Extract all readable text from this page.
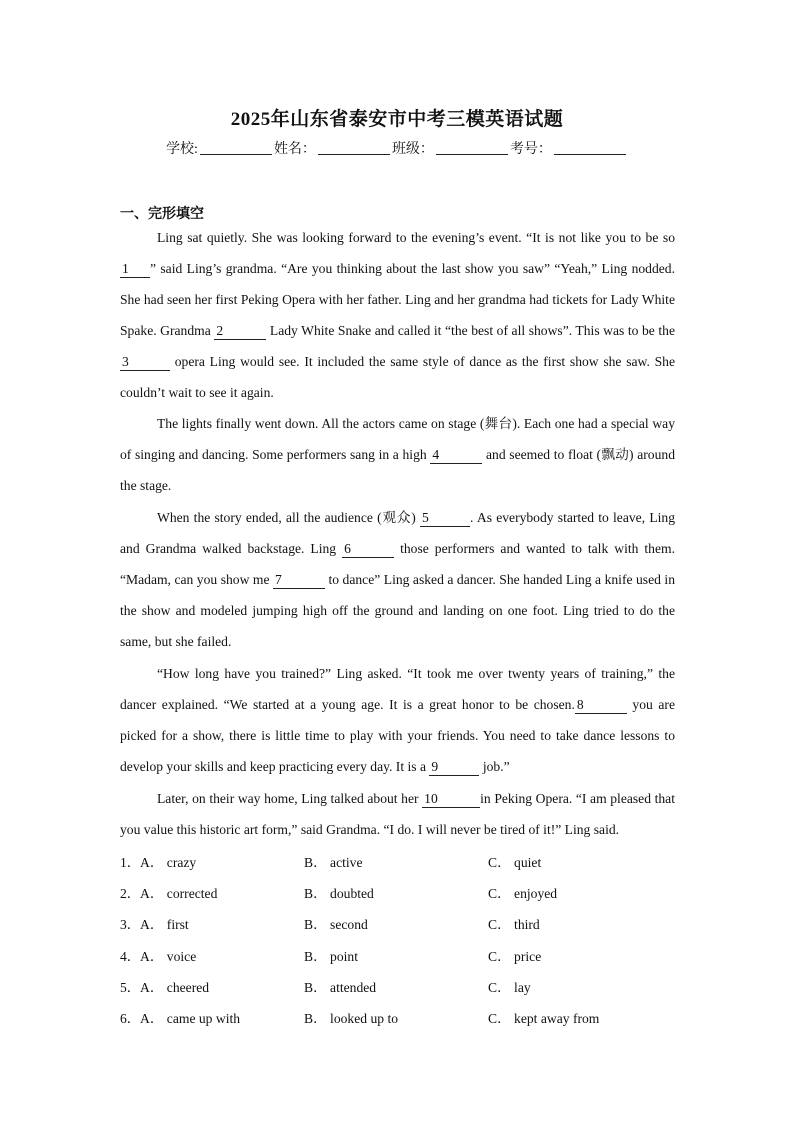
2025年山东省泰安市中考三模英语试题
学校:	姓名：	班级：	考号：
一、完形填空
Ling sat quietly. She was looking forward to the evening’s event. “It is not like you to be so 1 ” said Ling’s grandma. “Are you thinking about the last show you saw” “Yeah,” Ling nodded. She had seen her first Peking Opera with her father. Ling and her grandma had tickets for Lady White Spake. Grandma 2	Lady White Snake and called it “the best of all shows”. This was to be the 3	opera Ling would see. It included the same style of dance as the first show she saw. She couldn’t wait to see it again.
The lights finally went down. All the actors came on stage (舞台). Each one had a special way of singing and dancing. Some performers sang in a high 4	and seemed to float (飘动) around the stage.
When the story ended, all the audience (观众) 5	. As everybody started to leave, Ling and Grandma walked backstage. Ling 6	those performers and wanted to talk with them. “Madam, can you show me 7	to dance” Ling asked a dancer. She handed Ling a knife used in the show and modeled jumping high off the ground and landing on one foot. Ling tried to do the same, but she failed.
“How long have you trained?” Ling asked. “It took me over twenty years of training,” the dancer explained. “We started at a young age. It is a great honor to be chosen. 8	you are picked for a show, there is little time to play with your friends. You need to take dance lessons to develop your skills and keep practicing every day. It is a 9	job.”
Later, on their way home, Ling talked about her 10	in Peking Opera. “I am pleased that you value this historic art form,” said Grandma. “I do. I will never be tired of it!” Ling said.
1． A． crazy	B． active	C． quiet
2． A． corrected	B． doubted	C． enjoyed
3． A． first	B． second	C． third
4． A． voice	B． point	C． price
5． A． cheered	B． attended	C． lay
6． A． came up with	B． looked up to	C． kept away from
